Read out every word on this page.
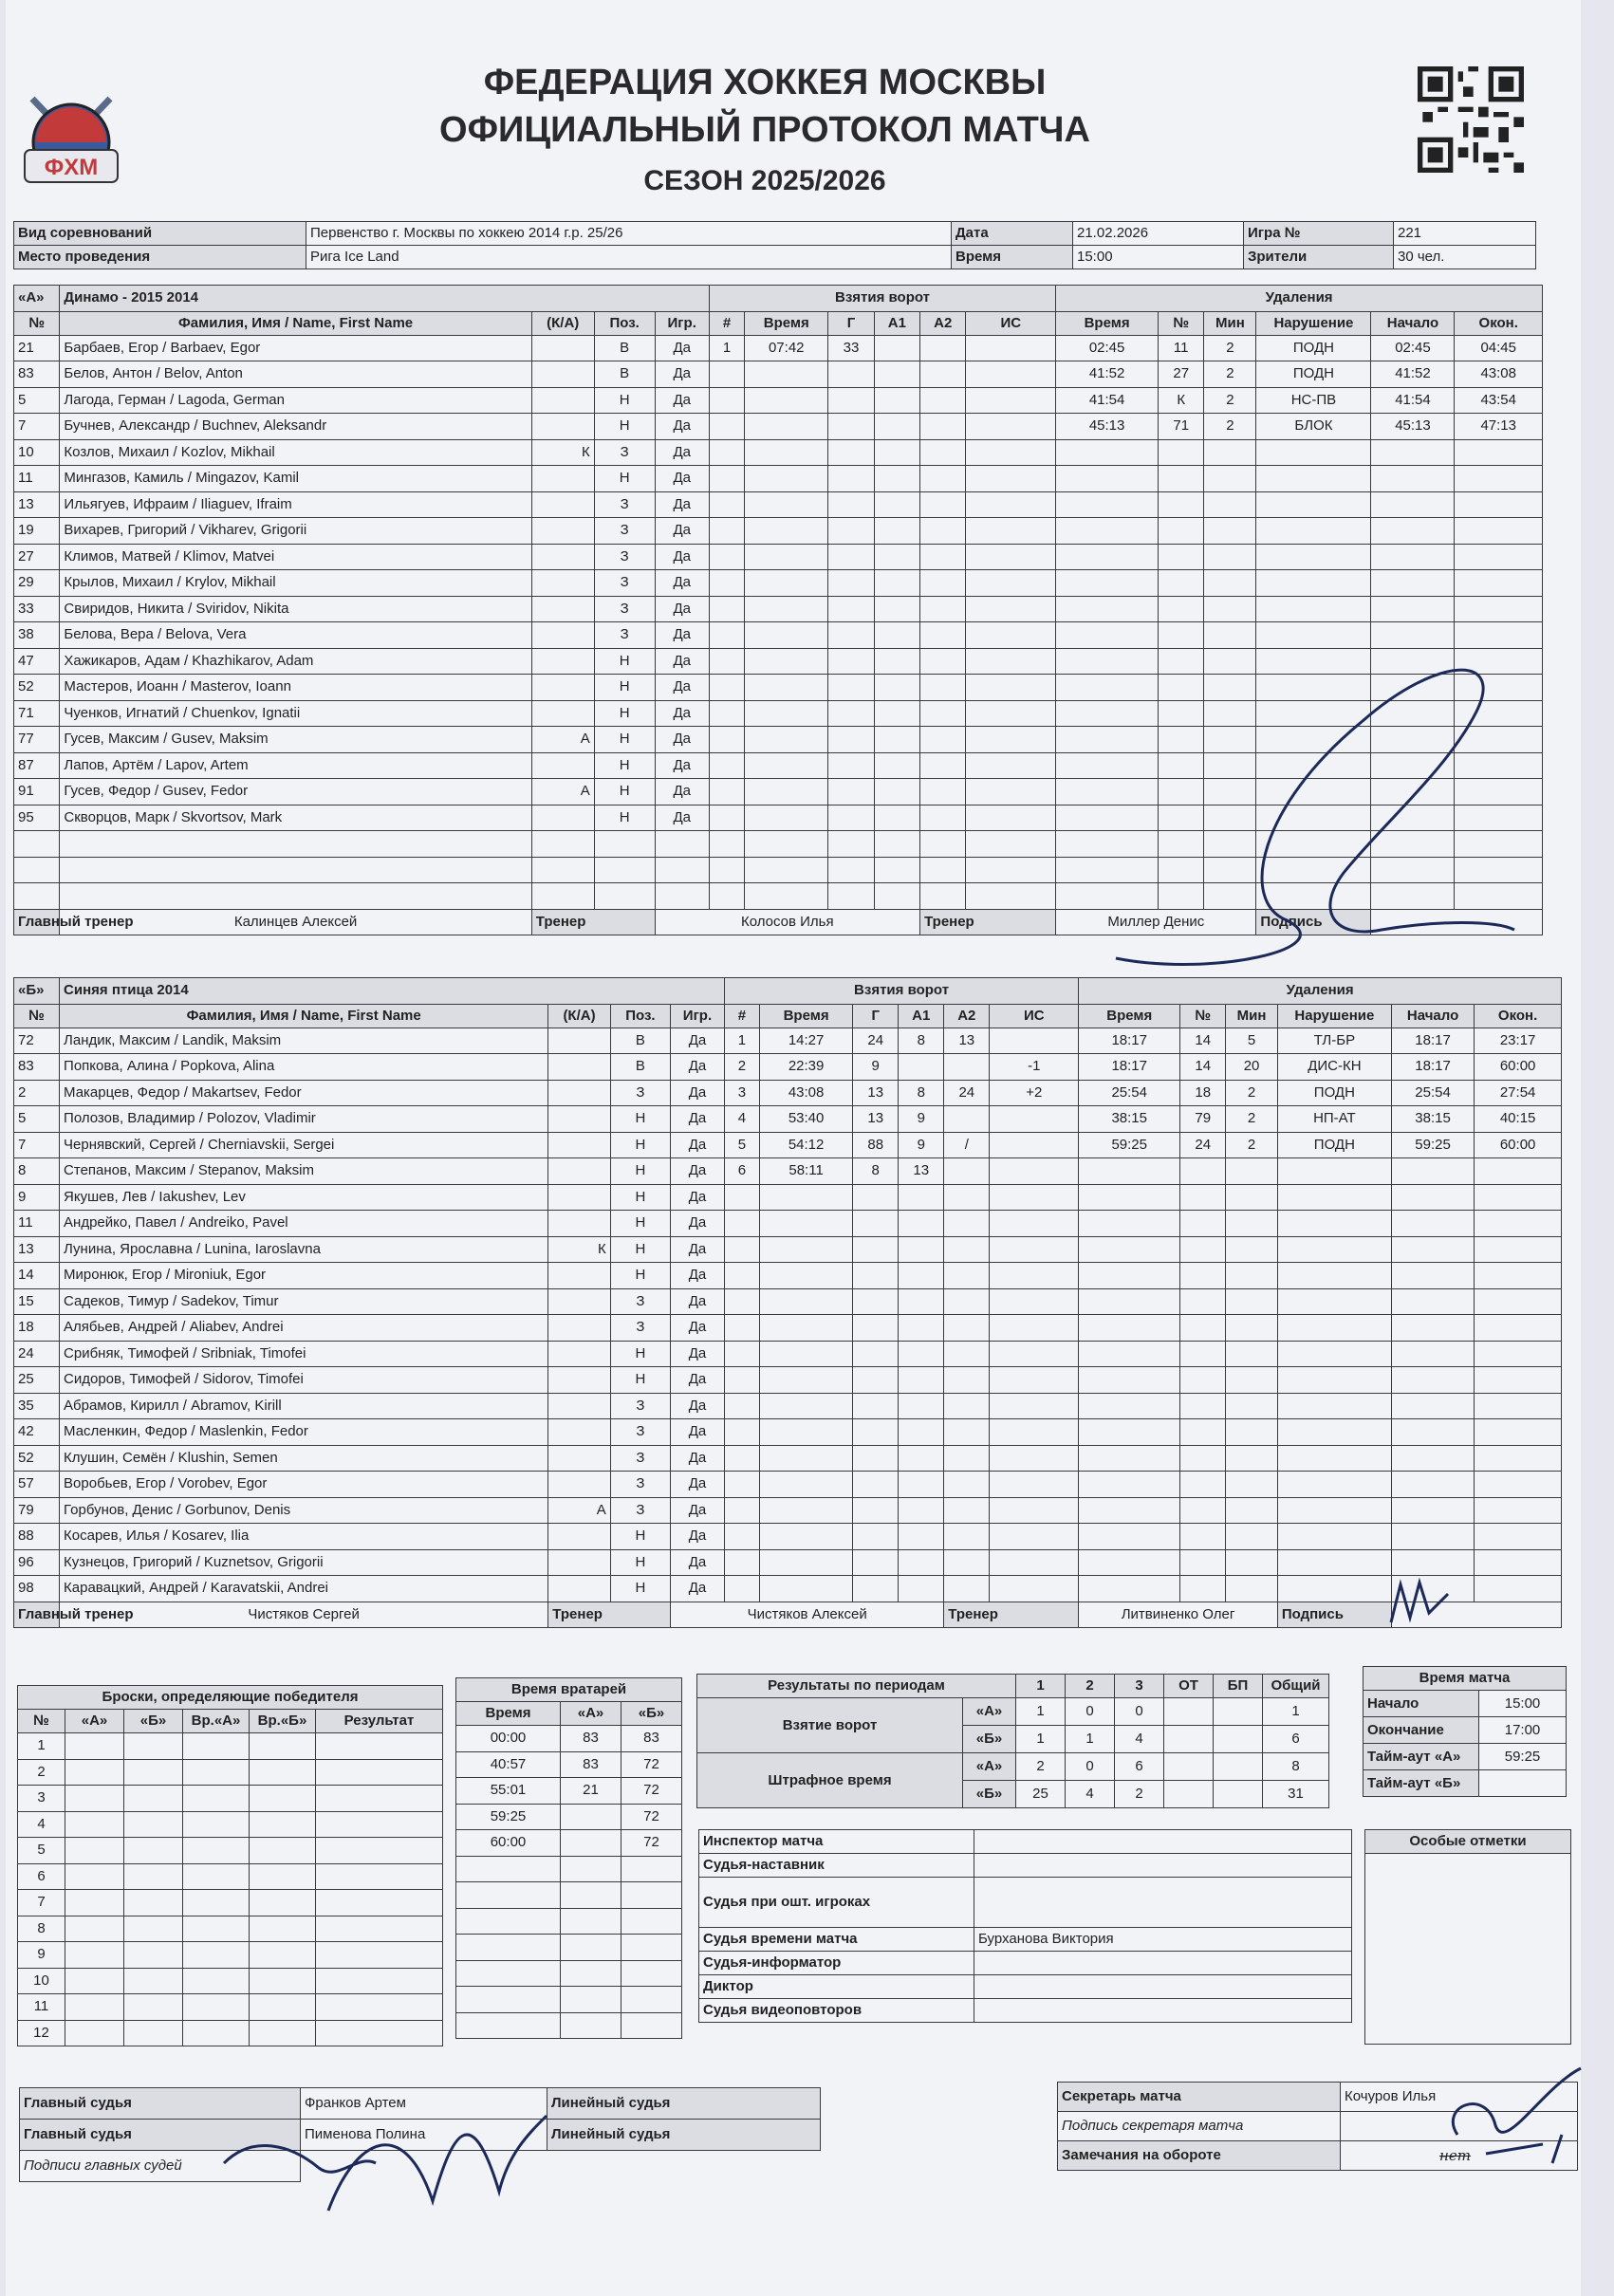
ФХМ
ФЕДЕРАЦИЯ ХОККЕЯ МОСКВЫ
ОФИЦИАЛЬНЫЙ ПРОТОКОЛ МАТЧА
СЕЗОН 2025/2026
Вид соревнований	Первенство г. Москвы по хоккею 2014 г.р. 25/26	Дата	21.02.2026	Игра №	221
Место проведения	Рига Ice Land	Время	15:00	Зрители	30 чел.
«А»	Динамо - 2015 2014				Взятия ворот						Удаления					
№	Фамилия, Имя / Name, First Name	(К/А)	Поз.	Игр.	#	Время	Г	А1	А2	ИС	Время	№	Мин	Нарушение	Начало	Окон.
21	Барбаев, Егор / Barbaev, Egor		В	Да	1	07:42	33				02:45	11	2	ПОДН	02:45	04:45
83	Белов, Антон / Belov, Anton		В	Да							41:52	27	2	ПОДН	41:52	43:08
5	Лагода, Герман / Lagoda, German		Н	Да							41:54	К	2	НС-ПВ	41:54	43:54
7	Бучнев, Александр / Buchnev, Aleksandr		Н	Да							45:13	71	2	БЛОК	45:13	47:13
10	Козлов, Михаил / Kozlov, Mikhail	К	З	Да												
11	Мингазов, Камиль / Mingazov, Kamil		Н	Да												
13	Ильягуев, Ифраим / Iliaguev, Ifraim		З	Да												
19	Вихарев, Григорий / Vikharev, Grigorii		З	Да												
27	Климов, Матвей / Klimov, Matvei		З	Да												
29	Крылов, Михаил / Krylov, Mikhail		З	Да												
33	Свиридов, Никита / Sviridov, Nikita		З	Да												
38	Белова, Вера / Belova, Vera		З	Да												
47	Хажикаров, Адам / Khazhikarov, Adam		Н	Да												
52	Мастеров, Иоанн / Masterov, Ioann		Н	Да												
71	Чуенков, Игнатий / Chuenkov, Ignatii		Н	Да												
77	Гусев, Максим / Gusev, Maksim	А	Н	Да												
87	Лапов, Артём / Lapov, Artem		Н	Да												
91	Гусев, Федор / Gusev, Fedor	А	Н	Да												
95	Скворцов, Марк / Skvortsov, Mark		Н	Да												

Главный тренер	Калинцев Алексей	Тренер		Колосов Илья					Тренер		Миллер Денис			Подпись		
«Б»	Синяя птица 2014				Взятия ворот						Удаления					
№	Фамилия, Имя / Name, First Name	(К/А)	Поз.	Игр.	#	Время	Г	А1	А2	ИС	Время	№	Мин	Нарушение	Начало	Окон.
72	Ландик, Максим / Landik, Maksim		В	Да	1	14:27	24	8	13		18:17	14	5	ТЛ-БР	18:17	23:17
83	Попкова, Алина / Popkova, Alina		В	Да	2	22:39	9			-1	18:17	14	20	ДИС-КН	18:17	60:00
2	Макарцев, Федор / Makartsev, Fedor		З	Да	3	43:08	13	8	24	+2	25:54	18	2	ПОДН	25:54	27:54
5	Полозов, Владимир / Polozov, Vladimir		Н	Да	4	53:40	13	9			38:15	79	2	НП-АТ	38:15	40:15
7	Чернявский, Сергей / Cherniavskii, Sergei		Н	Да	5	54:12	88	9	/		59:25	24	2	ПОДН	59:25	60:00
8	Степанов, Максим / Stepanov, Maksim		Н	Да	6	58:11	8	13								
9	Якушев, Лев / Iakushev, Lev		Н	Да												
11	Андрейко, Павел / Andreiko, Pavel		Н	Да												
13	Лунина, Ярославна / Lunina, Iaroslavna	К	Н	Да												
14	Миронюк, Егор / Mironiuk, Egor		Н	Да												
15	Садеков, Тимур / Sadekov, Timur		З	Да												
18	Алябьев, Андрей / Aliabev, Andrei		З	Да												
24	Срибняк, Тимофей / Sribniak, Timofei		Н	Да												
25	Сидоров, Тимофей / Sidorov, Timofei		Н	Да												
35	Абрамов, Кирилл / Abramov, Kirill		З	Да												
42	Масленкин, Федор / Maslenkin, Fedor		З	Да												
52	Клушин, Семён / Klushin, Semen		З	Да												
57	Воробьев, Егор / Vorobev, Egor		З	Да												
79	Горбунов, Денис / Gorbunov, Denis	А	З	Да												
88	Косарев, Илья / Kosarev, Ilia		Н	Да												
96	Кузнецов, Григорий / Kuznetsov, Grigorii		Н	Да												
98	Каравацкий, Андрей / Karavatskii, Andrei		Н	Да												
Главный тренер	Чистяков Сергей	Тренер		Чистяков Алексей					Тренер		Литвиненко Олег			Подпись		
Броски, определяющие победителя					
№	«А»	«Б»	Вр.«А»	Вр.«Б»	Результат
1					
2					
3					
4					
5					
6					
7					
8					
9					
10					
11					
12					
Время вратарей		
Время	«А»	«Б»
00:00	83	83
40:57	83	72
55:01	21	72
59:25		72
60:00		72

Результаты по периодам		1	2	3	ОТ	БП	Общий
Взятие ворот	«А»	1	0	0			1
	«Б»	1	1	4			6
Штрафное время	«А»	2	0	6			8
	«Б»	25	4	2			31
Время матча	
Начало	15:00
Окончание	17:00
Тайм-аут «А»	59:25
Тайм-аут «Б»	
Инспектор матча	
Судья-наставник	
Судья при ошт. игроках	
Судья времени матча	Бурханова Виктория
Судья-информатор	
Диктор	
Судья видеоповторов	
Особые отметки

Главный судья	Франков Артем	Линейный судья
Главный судья	Пименова Полина	Линейный судья
Подписи главных судей		
Секретарь матча	Кочуров Илья
Подпись секретаря матча	
Замечания на обороте	нет
